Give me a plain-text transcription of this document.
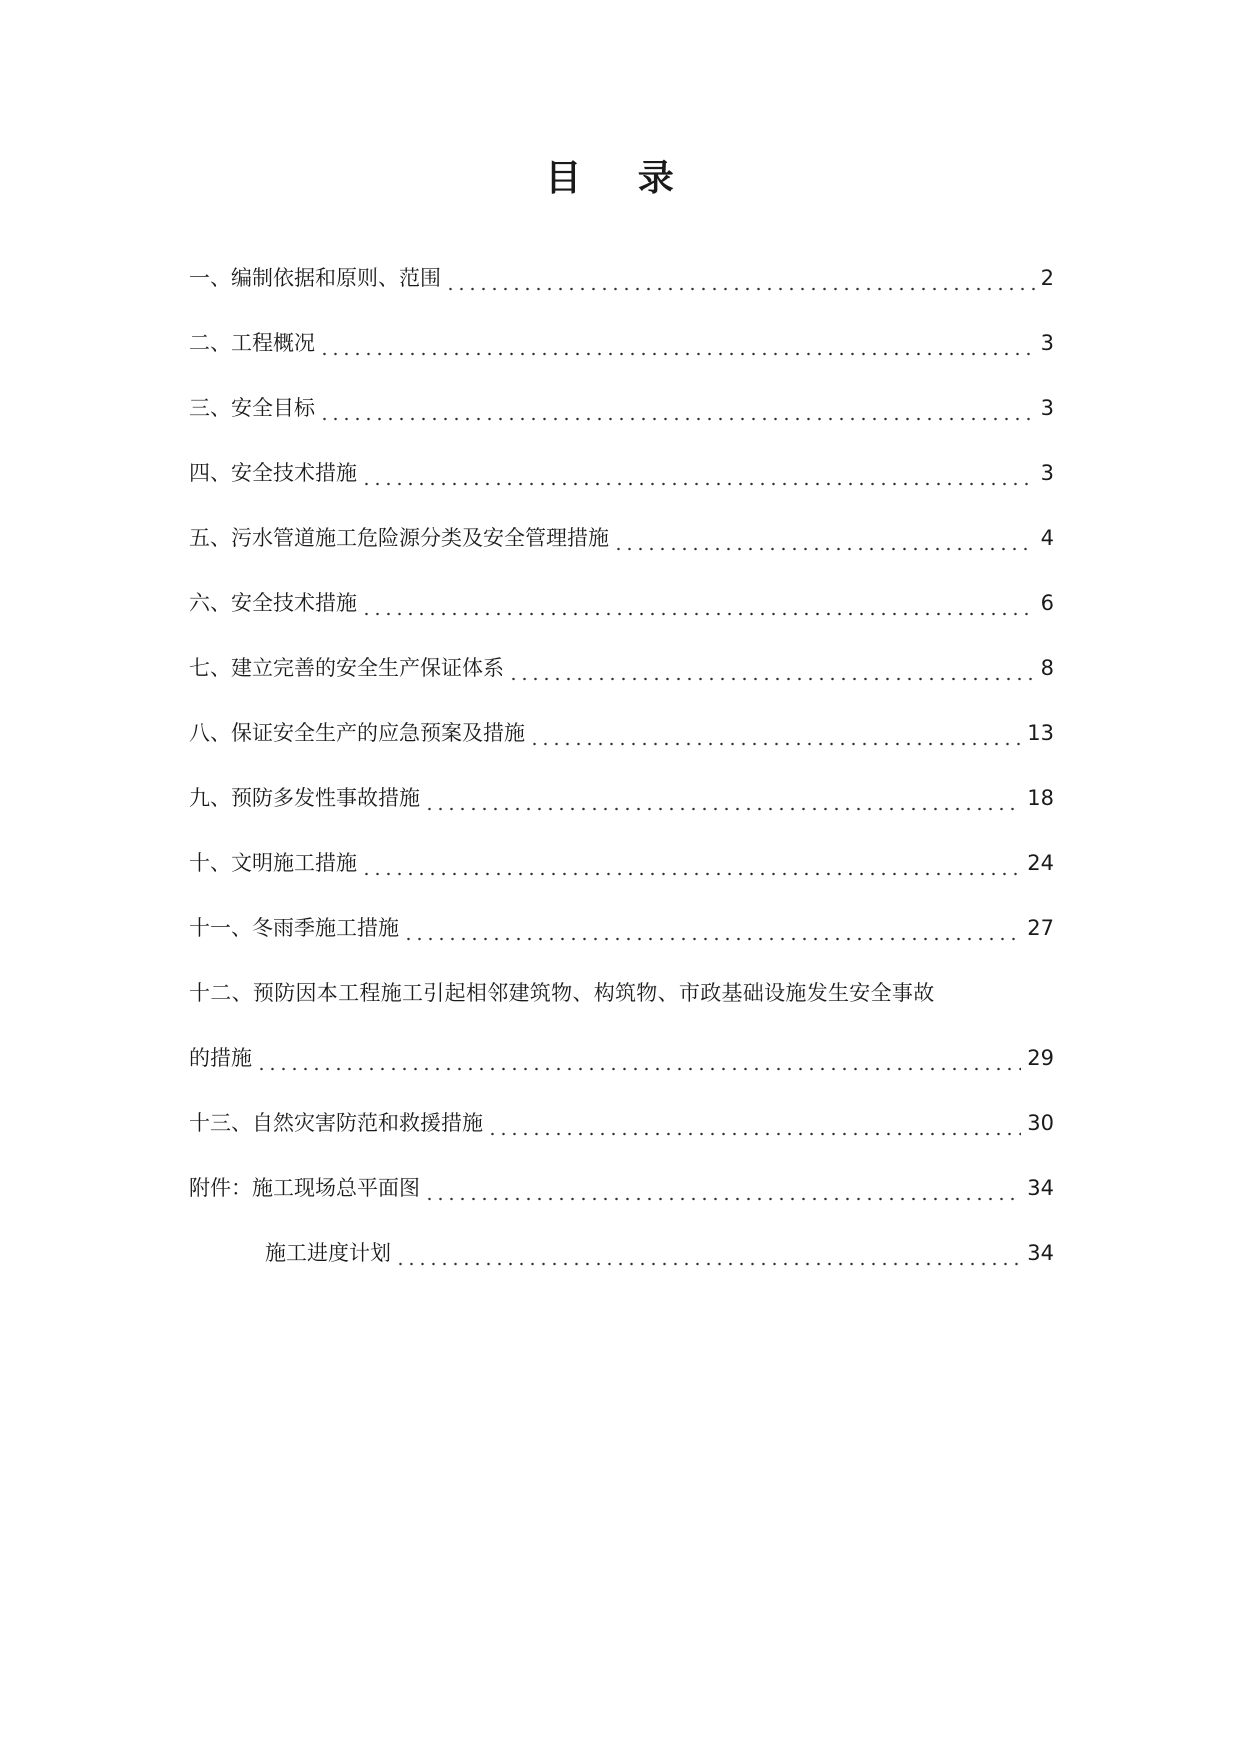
目 录
一、编制依据和原则、范围	2
二、工程概况	3
三、安全目标	3
四、安全技术措施	3
五、污水管道施工危险源分类及安全管理措施	4
六、安全技术措施	6
七、建立完善的安全生产保证体系	8
八、保证安全生产的应急预案及措施	13
九、预防多发性事故措施	18
十、文明施工措施	24
十一、冬雨季施工措施	27
十二、预防因本工程施工引起相邻建筑物、构筑物、市政基础设施发生安全事故
的措施	29
十三、自然灾害防范和救援措施	30
附件：施工现场总平面图	34
施工进度计划	34
